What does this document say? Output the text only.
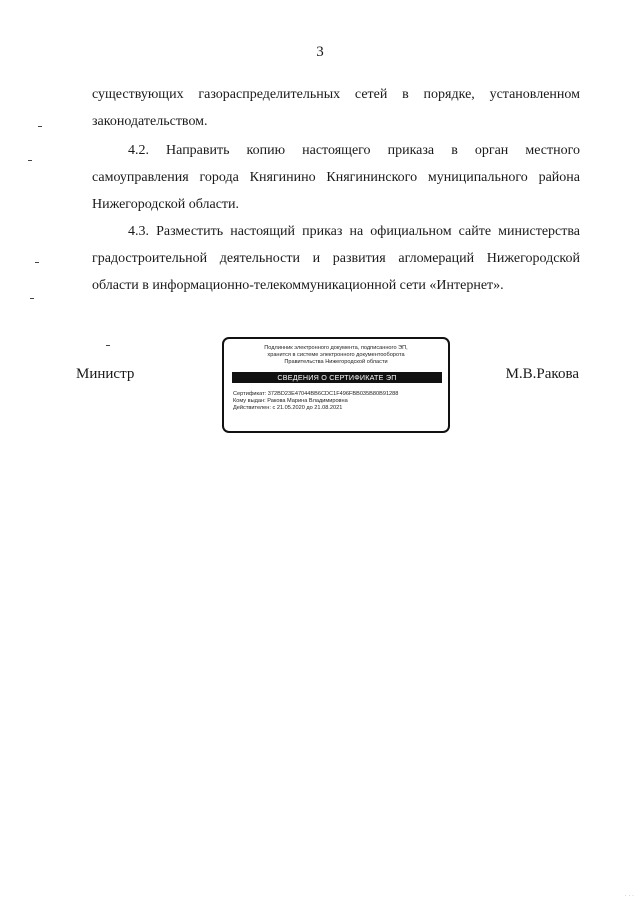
3
существующих газораспределительных сетей в порядке, установленном
законодательством.
4.2. Направить копию настоящего приказа в орган местного
самоуправления города Княгинино Княгининского муниципального района
Нижегородской области.
4.3. Разместить настоящий приказ на официальном сайте министерства
градостроительной деятельности и развития агломераций Нижегородской
области в информационно-телекоммуникационной сети «Интернет».
Министр
Подлинник электронного документа, подписанного ЭП,
хранится в системе электронного документооборота
Правительства Нижегородской области
СВЕДЕНИЯ О СЕРТИФИКАТЕ ЭП
Сертификат: 372BD23E47044BB6CDC1F496FBB035B80B91288
Кому выдан: Ракова Марина Владимировна
Действителен: с 21.05.2020 до 21.08.2021
М.В.Ракова
· · ·
